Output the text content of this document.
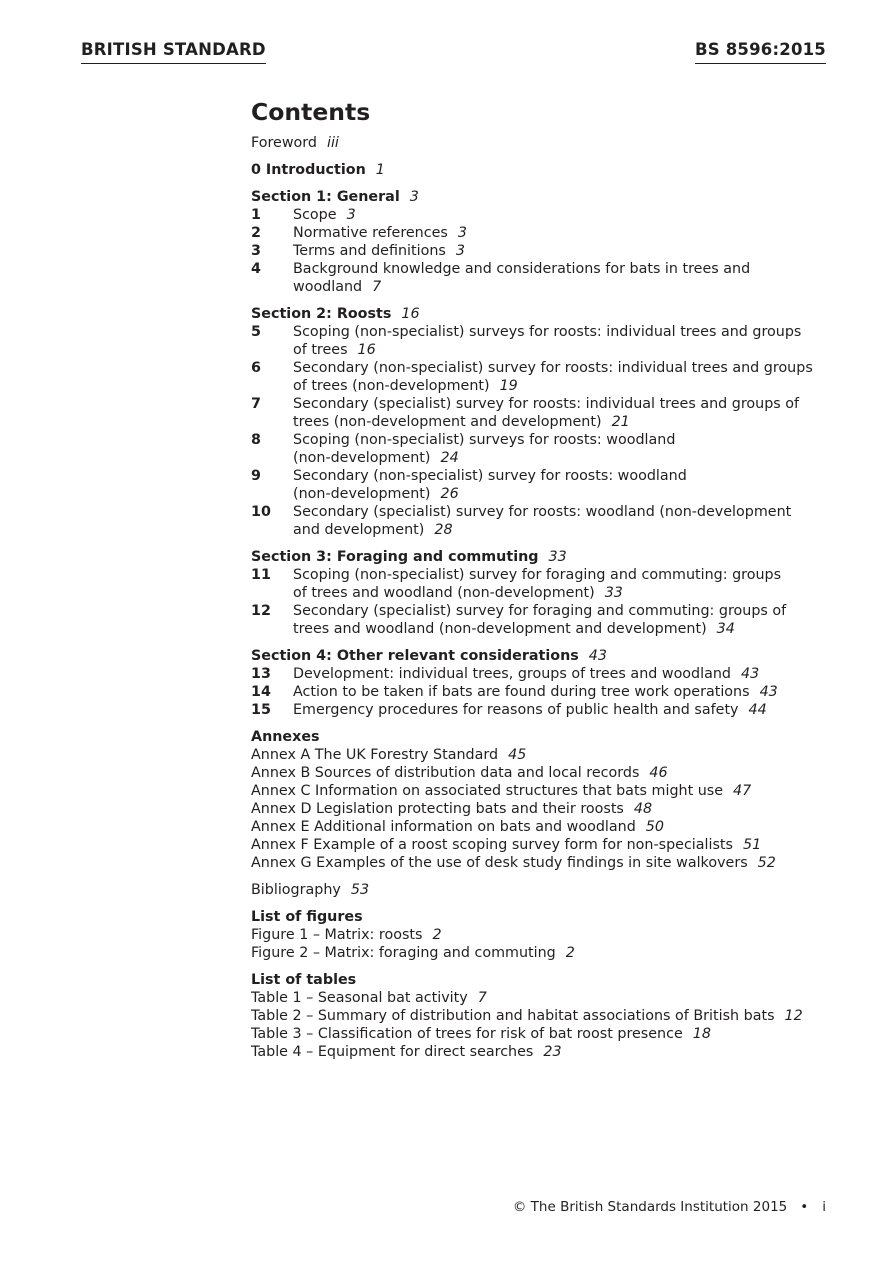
BRITISH STANDARD	BS 8596:2015
Contents
Foreword iii
0 Introduction 1
Section 1: General 3
1	Scope 3
2	Normative references 3
3	Terms and definitions 3
4	Background knowledge and considerations for bats in trees and woodland 7
Section 2: Roosts 16
5	Scoping (non-specialist) surveys for roosts: individual trees and groups of trees 16
6	Secondary (non-specialist) survey for roosts: individual trees and groups of trees (non-development) 19
7	Secondary (specialist) survey for roosts: individual trees and groups of trees (non-development and development) 21
8	Scoping (non-specialist) surveys for roosts: woodland (non-development) 24
9	Secondary (non-specialist) survey for roosts: woodland (non-development) 26
10	Secondary (specialist) survey for roosts: woodland (non-development and development) 28
Section 3: Foraging and commuting 33
11	Scoping (non-specialist) survey for foraging and commuting: groups of trees and woodland (non-development) 33
12	Secondary (specialist) survey for foraging and commuting: groups of trees and woodland (non-development and development) 34
Section 4: Other relevant considerations 43
13	Development: individual trees, groups of trees and woodland 43
14	Action to be taken if bats are found during tree work operations 43
15	Emergency procedures for reasons of public health and safety 44
Annexes
Annex A The UK Forestry Standard 45
Annex B Sources of distribution data and local records 46
Annex C Information on associated structures that bats might use 47
Annex D Legislation protecting bats and their roosts 48
Annex E Additional information on bats and woodland 50
Annex F Example of a roost scoping survey form for non-specialists 51
Annex G Examples of the use of desk study findings in site walkovers 52
Bibliography 53
List of figures
Figure 1 – Matrix: roosts 2
Figure 2 – Matrix: foraging and commuting 2
List of tables
Table 1 – Seasonal bat activity 7
Table 2 – Summary of distribution and habitat associations of British bats 12
Table 3 – Classification of trees for risk of bat roost presence 18
Table 4 – Equipment for direct searches 23
© The British Standards Institution 2015 • i
